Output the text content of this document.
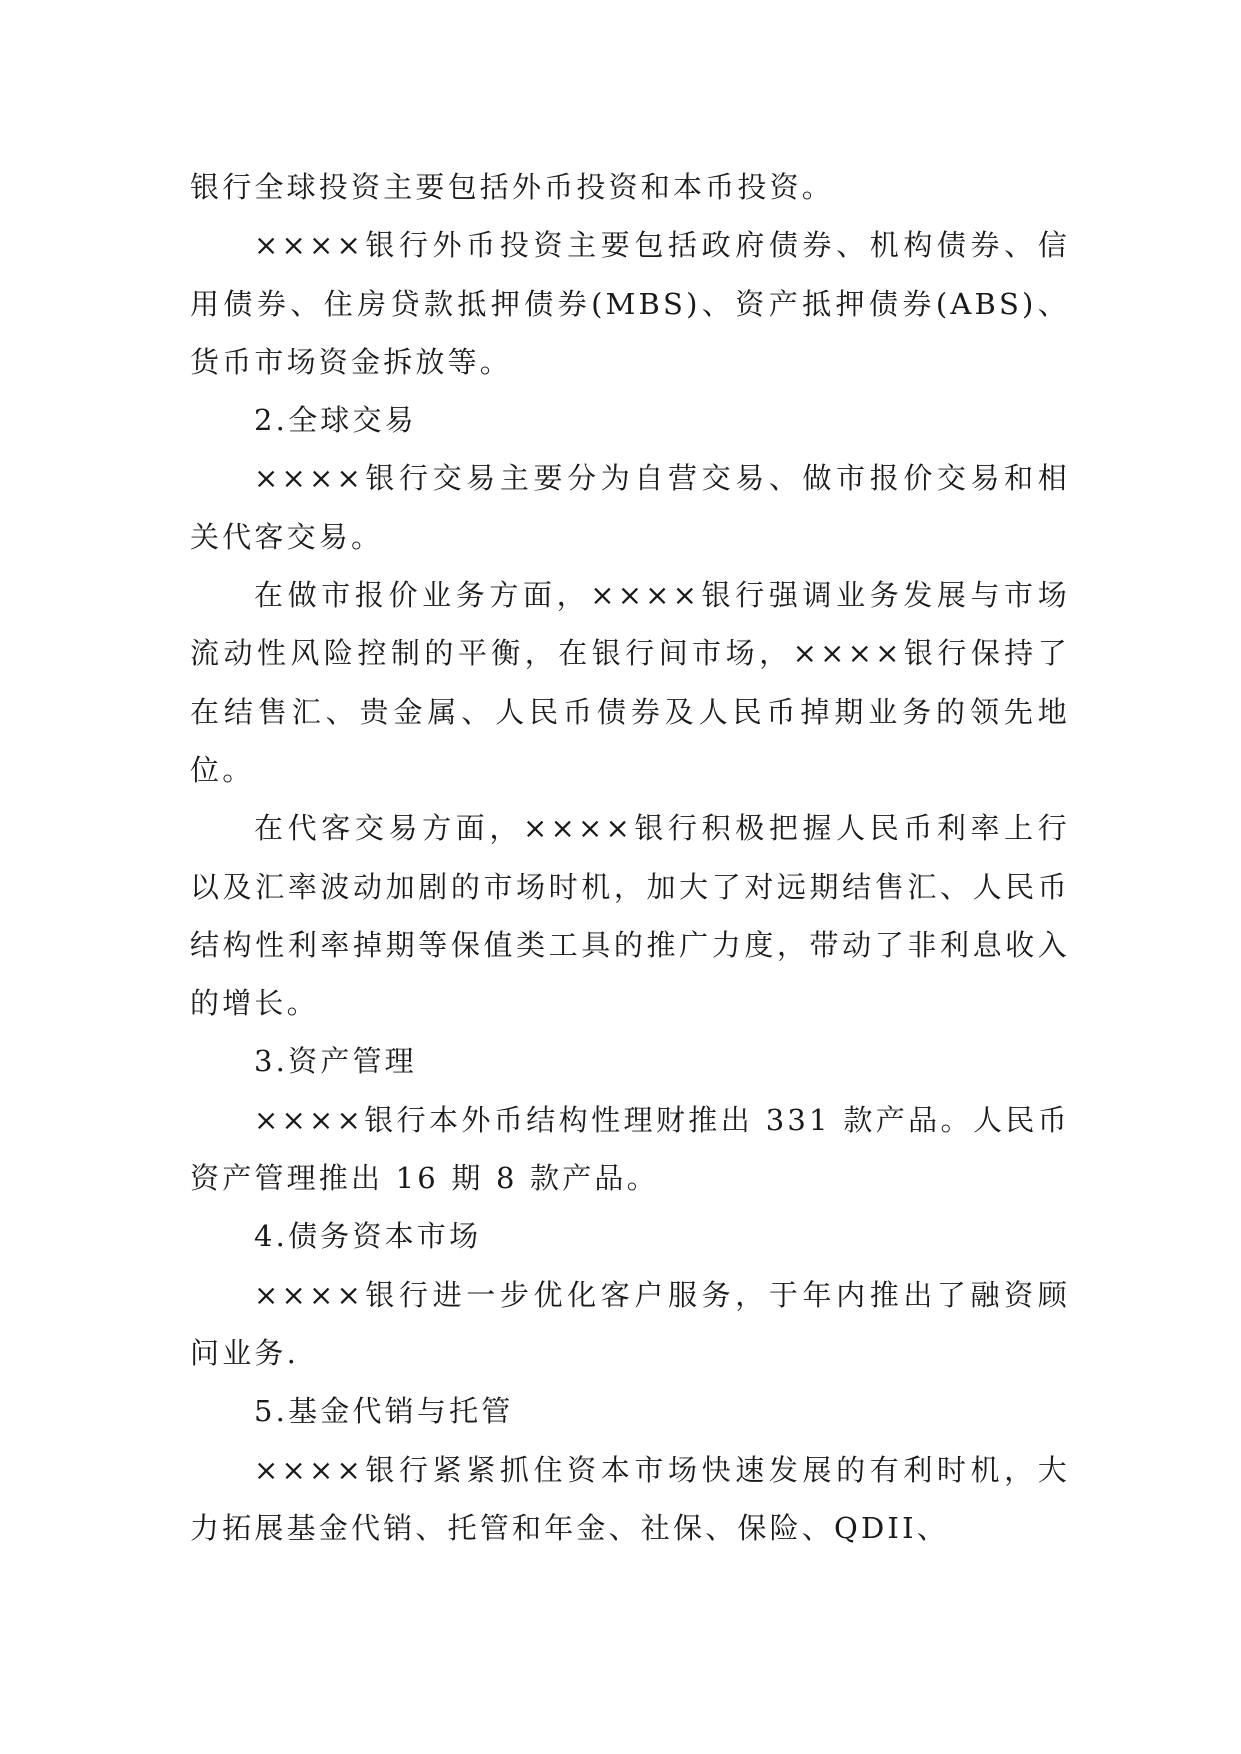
银行全球投资主要包括外币投资和本币投资。

××××银行外币投资主要包括政府债券、机构债券、信用债券、住房贷款抵押债券(MBS)、资产抵押债券(ABS)、货币市场资金拆放等。

2.全球交易

××××银行交易主要分为自营交易、做市报价交易和相关代客交易。

在做市报价业务方面，××××银行强调业务发展与市场流动性风险控制的平衡，在银行间市场，××××银行保持了在结售汇、贵金属、人民币债券及人民币掉期业务的领先地位。

在代客交易方面，××××银行积极把握人民币利率上行以及汇率波动加剧的市场时机，加大了对远期结售汇、人民币结构性利率掉期等保值类工具的推广力度，带动了非利息收入的增长。

3.资产管理

××××银行本外币结构性理财推出 331 款产品。人民币资产管理推出 16 期 8 款产品。

4.债务资本市场

××××银行进一步优化客户服务，于年内推出了融资顾问业务.

5.基金代销与托管

××××银行紧紧抓住资本市场快速发展的有利时机，大力拓展基金代销、托管和年金、社保、保险、QDII、
